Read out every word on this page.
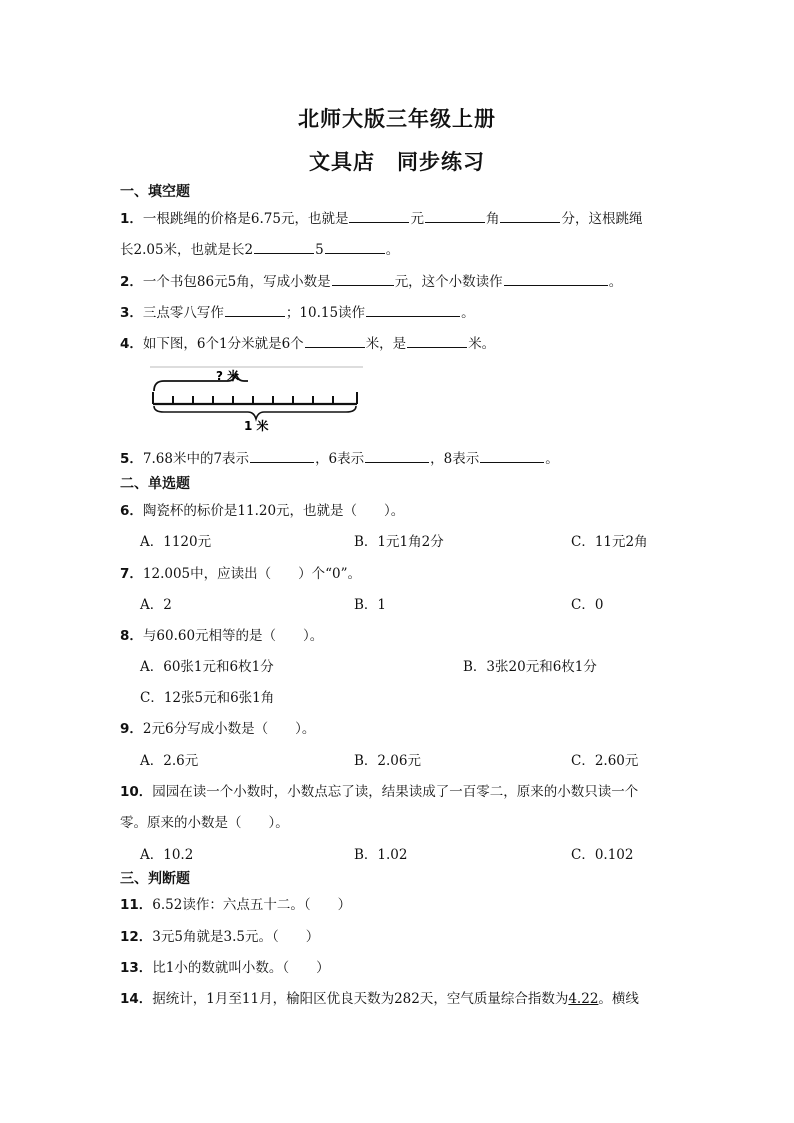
北师大版三年级上册
文具店　同步练习
一、填空题
1．一根跳绳的价格是6.75元，也就是	元	角	分，这根跳绳
长2.05米，也就是长2	5	。
2．一个书包86元5角，写成小数是	元，这个小数读作	。
3．三点零八写作	；10.15读作	。
4．如下图，6个1分米就是6个	米，是	米。
? 米
1 米
5．7.68米中的7表示	，6表示	，8表示	。
二、单选题
6．陶瓷杯的标价是11.20元，也就是（　　）。
A．1120元	B．1元1角2分	C．11元2角
7．12.005中，应读出（　　）个“0”。
A．2	B．1	C．0
8．与60.60元相等的是（　　）。
A．60张1元和6枚1分	B．3张20元和6枚1分
C．12张5元和6张1角
9．2元6分写成小数是（　　）。
A．2.6元	B．2.06元	C．2.60元
10．园园在读一个小数时，小数点忘了读，结果读成了一百零二，原来的小数只读一个
零。原来的小数是（　　）。
A．10.2	B．1.02	C．0.102
三、判断题
11．6.52读作：六点五十二。（　　）
12．3元5角就是3.5元。（　　）
13．比1小的数就叫小数。（　　）
14．据统计，1月至11月，榆阳区优良天数为282天，空气质量综合指数为4.22。横线
